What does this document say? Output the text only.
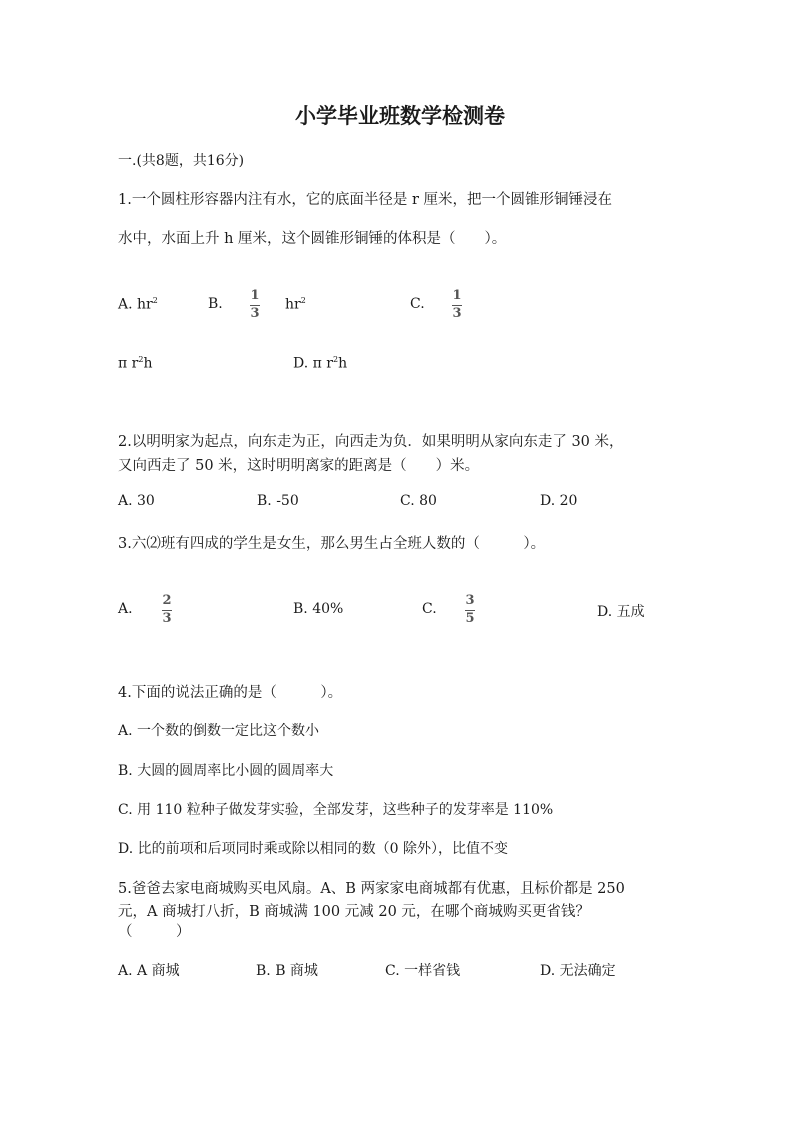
小学毕业班数学检测卷
一.(共8题，共16分)
1.一个圆柱形容器内注有水，它的底面半径是 r 厘米，把一个圆锥形铜锤浸在
水中，水面上升 h 厘米，这个圆锥形铜锤的体积是（　　）。
A. $hr^2$	B.
1
3
$hr^2$	C.
1
3
π $r^2h$	D. π $r^2h$
2.以明明家为起点，向东走为正，向西走为负．如果明明从家向东走了 30 米，
又向西走了 50 米，这时明明离家的距离是（　　）米。
A. 30	B. -50	C. 80	D. 20
3.六⑵班有四成的学生是女生，那么男生占全班人数的（　　　）。
A.
2
3
B. 40%	C.
3
5	D. 五成
4.下面的说法正确的是（　　　）。
A. 一个数的倒数一定比这个数小
B. 大圆的圆周率比小圆的圆周率大
C. 用 110 粒种子做发芽实验，全部发芽，这些种子的发芽率是 110%
D. 比的前项和后项同时乘或除以相同的数（0 除外），比值不变
5.爸爸去家电商城购买电风扇。A、B 两家家电商城都有优惠，且标价都是 250
元，A 商城打八折，B 商城满 100 元减 20 元，在哪个商城购买更省钱？
（　　　）
A. A 商城	B. B 商城	C. 一样省钱	D. 无法确定
